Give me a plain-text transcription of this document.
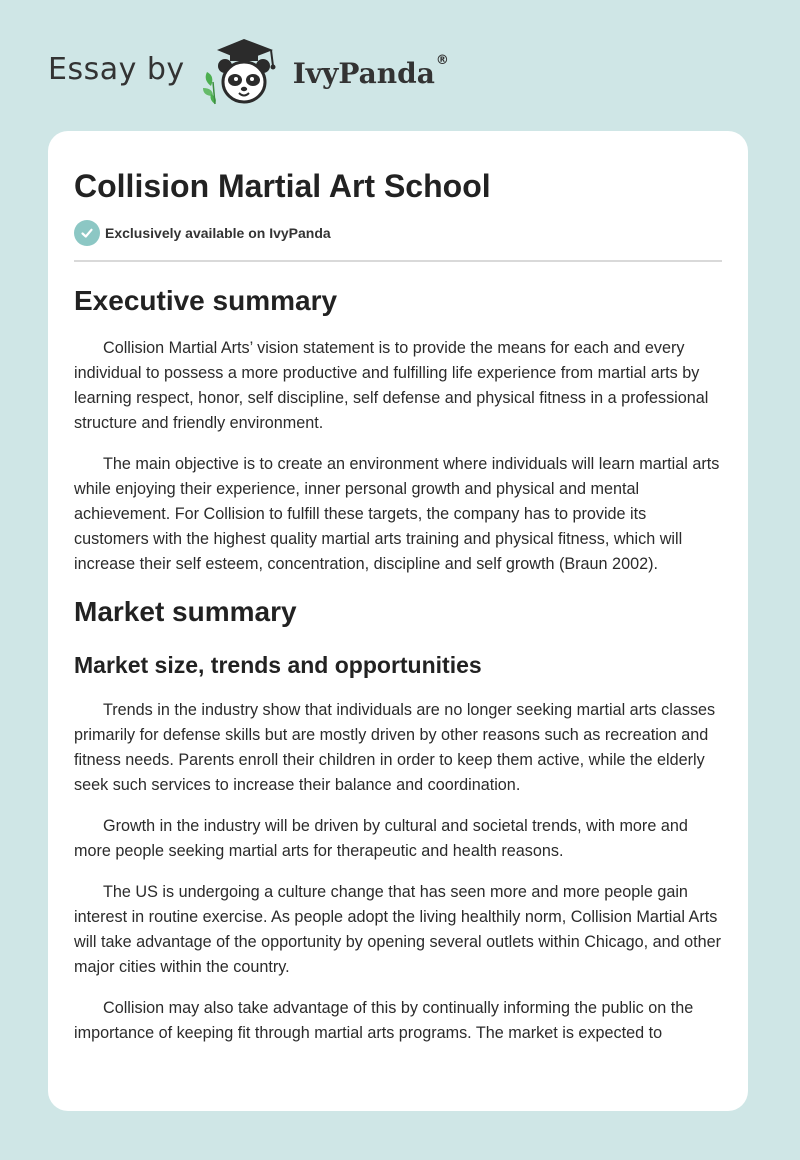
Essay by	IvyPanda®
Collision Martial Art School
Exclusively available on IvyPanda
Executive summary

Collision Martial Arts’ vision statement is to provide the means for each and every individual to possess a more productive and fulfilling life experience from martial arts by learning respect, honor, self discipline, self defense and physical fitness in a professional structure and friendly environment.

The main objective is to create an environment where individuals will learn martial arts while enjoying their experience, inner personal growth and physical and mental achievement. For Collision to fulfill these targets, the company has to provide its customers with the highest quality martial arts training and physical fitness, which will increase their self esteem, concentration, discipline and self growth (Braun 2002).

Market summary
Market size, trends and opportunities

Trends in the industry show that individuals are no longer seeking martial arts classes primarily for defense skills but are mostly driven by other reasons such as recreation and fitness needs. Parents enroll their children in order to keep them active, while the elderly seek such services to increase their balance and coordination.

Growth in the industry will be driven by cultural and societal trends, with more and more people seeking martial arts for therapeutic and health reasons.

The US is undergoing a culture change that has seen more and more people gain interest in routine exercise. As people adopt the living healthily norm, Collision Martial Arts will take advantage of the opportunity by opening several outlets within Chicago, and other major cities within the country.

Collision may also take advantage of this by continually informing the public on the importance of keeping fit through martial arts programs. The market is expected to
